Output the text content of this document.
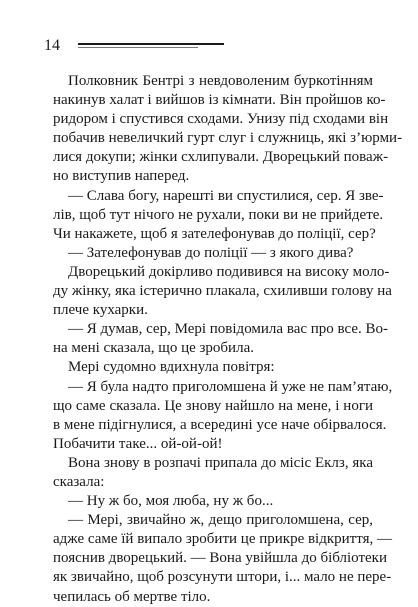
14
Полковник Бентрі з невдоволеним буркотінням
накинув халат і вийшов із кімнати. Він пройшов ко-
ридором і спустився сходами. Унизу під сходами він
побачив невеличкий гурт слуг і служниць, які з’юрми-
лися докупи; жінки схлипували. Дворецький поваж-
но виступив наперед.
— Слава богу, нарешті ви спустилися, сер. Я зве-
лів, щоб тут нічого не рухали, поки ви не прийдете.
Чи накажете, щоб я зателефонував до поліції, сер?
— Зателефонував до поліції — з якого дива?
Дворецький докірливо подивився на високу моло-
ду жінку, яка істерично плакала, схиливши голову на
плече кухарки.
— Я думав, сер, Мері повідомила вас про все. Во-
на мені сказала, що це зробила.
Мері судомно вдихнула повітря:
— Я була надто приголомшена й уже не пам’ятаю,
що саме сказала. Це знову найшло на мене, і ноги
в мене підігнулися, а всередині усе наче обірвалося.
Побачити таке... ой-ой-ой!
Вона знову в розпачі припала до місіс Еклз, яка
сказала:
— Ну ж бо, моя люба, ну ж бо...
— Мері, звичайно ж, дещо приголомшена, сер,
адже саме їй випало зробити це прикре відкриття, —
пояснив дворецький. — Вона увійшла до бібліотеки
як звичайно, щоб розсунути штори, і... мало не пере-
чепилась об мертве тіло.
